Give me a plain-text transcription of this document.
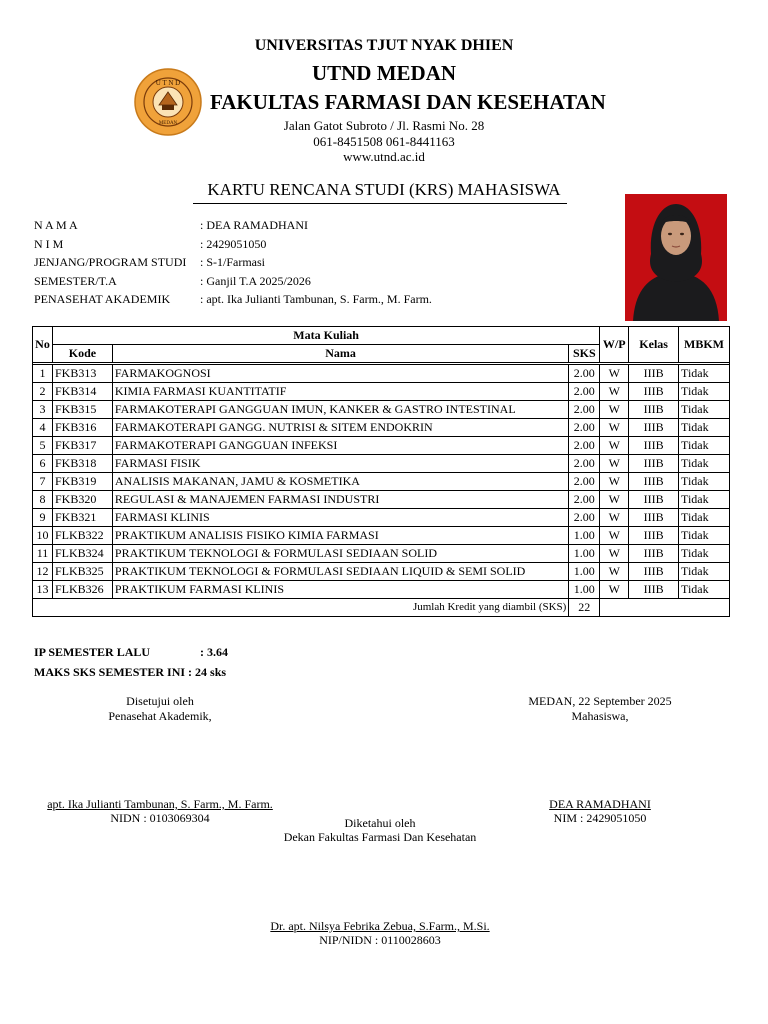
UNIVERSITAS TJUT NYAK DHIEN
UTND MEDAN
U T N D
MEDAN
FAKULTAS FARMASI DAN KESEHATAN
Jalan Gatot Subroto / Jl. Rasmi No. 28
061-8451508 061-8441163
www.utnd.ac.id
KARTU RENCANA STUDI (KRS) MAHASISWA
N A M A	: DEA RAMADHANI
N I M	: 2429051050
JENJANG/PROGRAM STUDI : S-1/Farmasi
SEMESTER/T.A	: Ganjil T.A 2025/2026
PENASEHAT AKADEMIK : apt. Ika Julianti Tambunan, S. Farm., M. Farm.
No	Mata Kuliah			W/P	Kelas	MBKM
	Kode	Nama	SKS			

1	FKB313	FARMAKOGNOSI	2.00	W	IIIB	Tidak
2	FKB314	KIMIA FARMASI KUANTITATIF	2.00	W	IIIB	Tidak
3	FKB315	FARMAKOTERAPI GANGGUAN IMUN, KANKER & GASTRO INTESTINAL	2.00	W	IIIB	Tidak
4	FKB316	FARMAKOTERAPI GANGG. NUTRISI & SITEM ENDOKRIN	2.00	W	IIIB	Tidak
5	FKB317	FARMAKOTERAPI GANGGUAN INFEKSI	2.00	W	IIIB	Tidak
6	FKB318	FARMASI FISIK	2.00	W	IIIB	Tidak
7	FKB319	ANALISIS MAKANAN, JAMU & KOSMETIKA	2.00	W	IIIB	Tidak
8	FKB320	REGULASI & MANAJEMEN FARMASI INDUSTRI	2.00	W	IIIB	Tidak
9	FKB321	FARMASI KLINIS	2.00	W	IIIB	Tidak
10	FLKB322	PRAKTIKUM ANALISIS FISIKO KIMIA FARMASI	1.00	W	IIIB	Tidak
11	FLKB324	PRAKTIKUM TEKNOLOGI & FORMULASI SEDIAAN SOLID	1.00	W	IIIB	Tidak
12	FLKB325	PRAKTIKUM TEKNOLOGI & FORMULASI SEDIAAN LIQUID & SEMI SOLID	1.00	W	IIIB	Tidak
13	FLKB326	PRAKTIKUM FARMASI KLINIS	1.00	W	IIIB	Tidak
Jumlah Kredit yang diambil (SKS)			22			
IP SEMESTER LALU	: 3.64
MAKS SKS SEMESTER INI : 24 sks
Disetujui oleh
Penasehat Akademik,
MEDAN, 22 September 2025
Mahasiswa,
apt. Ika Julianti Tambunan, S. Farm., M. Farm.
NIDN : 0103069304
DEA RAMADHANI
NIM : 2429051050
Diketahui oleh
Dekan Fakultas Farmasi Dan Kesehatan
Dr. apt. Nilsya Febrika Zebua, S.Farm., M.Si.
NIP/NIDN : 0110028603
